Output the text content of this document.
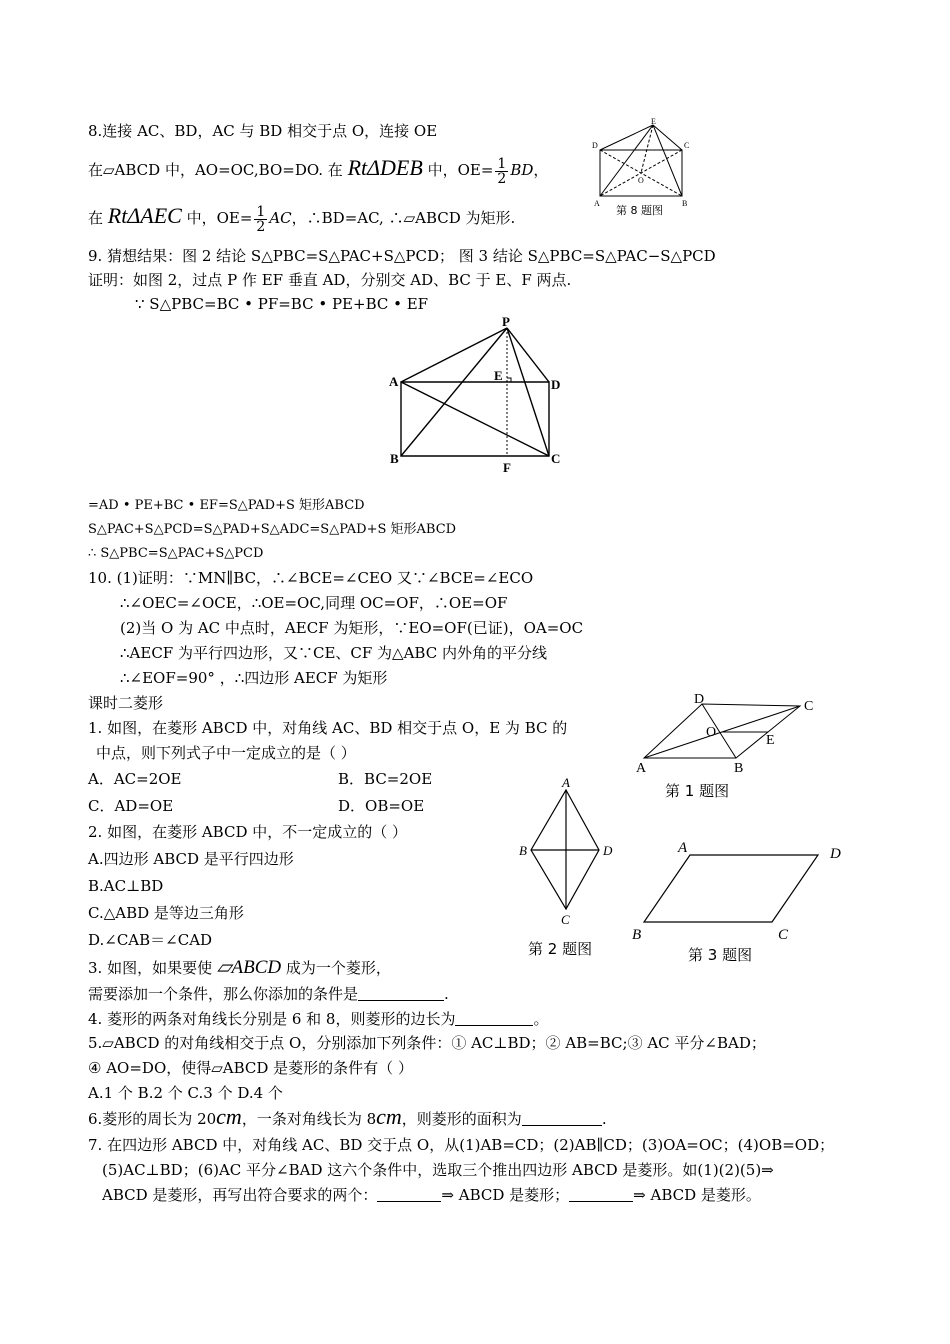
8.连接 AC、BD，AC 与 BD 相交于点 O，连接 OE
在▱ABCD 中，AO=OC,BO=DO. 在 RtΔDEB 中，$OE= \frac{1}{2}$ BD，
在 RtΔAEC 中，$OE= \frac{1}{2}$ AC，∴BD=AC, ∴▱ABCD 为矩形.
E
D	C
O
A	B
第 8 题图
9. 猜想结果：图 2 结论 S△PBC=S△PAC+S△PCD； 图 3 结论 S△PBC=S△PAC−S△PCD
证明：如图 2，过点 P 作 EF 垂直 AD，分别交 AD、BC 于 E、F 两点.
∵ S△PBC=BC • PF=BC • PE+BC • EF
P
A	D
E
B	C
F
=AD • PE+BC • EF=S△PAD+S 矩形ABCD
S△PAC+S△PCD=S△PAD+S△ADC=S△PAD+S 矩形ABCD
∴ S△PBC=S△PAC+S△PCD
10. (1)证明：∵MN∥BC，∴∠BCE=∠CEO 又∵∠BCE=∠ECO
∴∠OEC=∠OCE，∴OE=OC,同理 OC=OF，∴OE=OF
(2)当 O 为 AC 中点时，AECF 为矩形，∵EO=OF(已证)，OA=OC
∴AECF 为平行四边形，又∵CE、CF 为△ABC 内外角的平分线
∴∠EOF=90° ，∴四边形 AECF 为矩形
课时二菱形
1. 如图，在菱形 ABCD 中，对角线 AC、BD 相交于点 O，E 为 BC 的
中点，则下列式子中一定成立的是（ ）
A．AC=2OE	B．BC=2OE
C．AD=OE	D．OB=OE
D	C
O
E
A	B
第 1 题图
2. 如图，在菱形 ABCD 中，不一定成立的（ ）
A.四边形 ABCD 是平行四边形
B.AC⊥BD
C.△ABD 是等边三角形
D.∠CAB＝∠CAD
A
B	D
C
第 2 题图
A	D
B	C
第 3 题图
3. 如图，如果要使 ▱ABCD 成为一个菱形，
需要添加一个条件，那么你添加的条件是	.
4. 菱形的两条对角线长分别是 6 和 8，则菱形的边长为	。
5.▱ABCD 的对角线相交于点 O，分别添加下列条件：① AC⊥BD；② AB=BC;③ AC 平分∠BAD；
④ AO=DO，使得▱ABCD 是菱形的条件有（ ）
A.1 个 B.2 个 C.3 个 D.4 个
6.菱形的周长为 20cm，一条对角线长为 8cm，则菱形的面积为	.
7. 在四边形 ABCD 中，对角线 AC、BD 交于点 O，从(1)AB=CD；(2)AB∥CD；(3)OA=OC；(4)OB=OD；
(5)AC⊥BD；(6)AC 平分∠BAD 这六个条件中，选取三个推出四边形 ABCD 是菱形。如(1)(2)(5)⇒
ABCD 是菱形，再写出符合要求的两个：	⇒ ABCD 是菱形；	⇒ ABCD 是菱形。
